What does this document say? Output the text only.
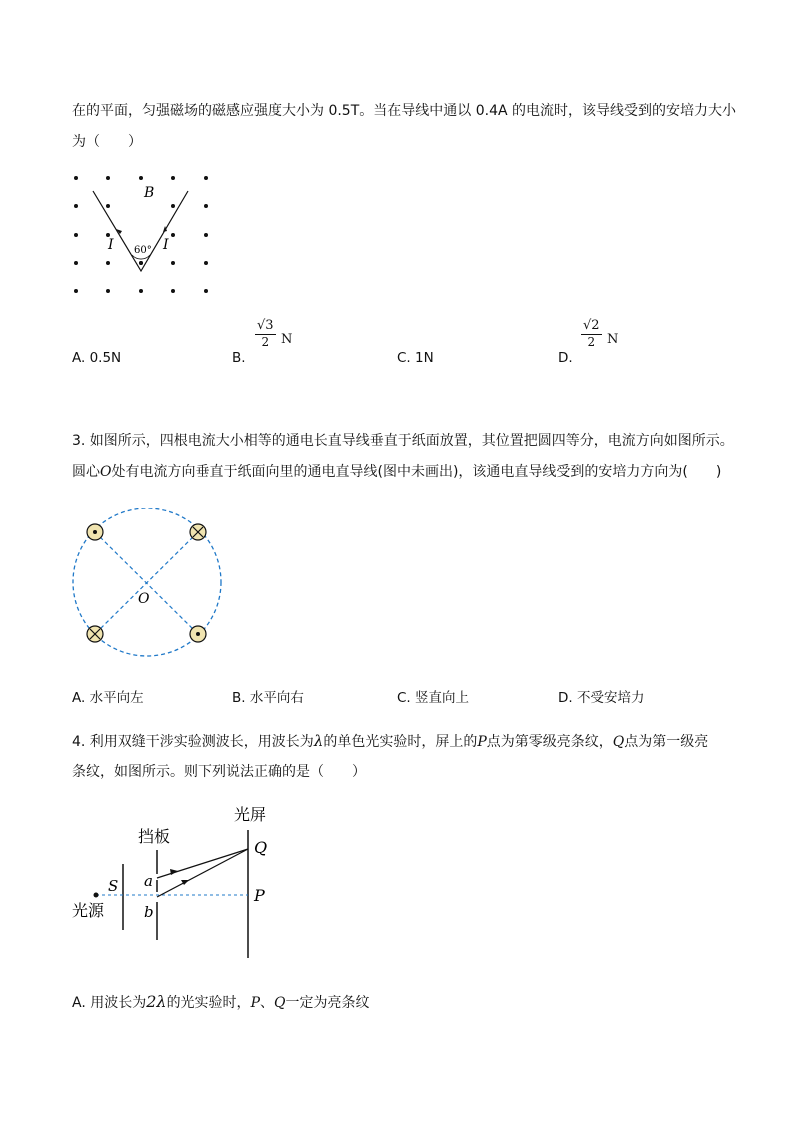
在的平面，匀强磁场的磁感应强度大小为 0.5T。当在导线中通以 0.4A 的电流时，该导线受到的安培力大小
为（　　）
B
I	I
60°
A. 0.5N	B.
$\frac{√3}{2}$ N
C. 1N	D.
$\frac{√2}{2}$ N
3. 如图所示，四根电流大小相等的通电长直导线垂直于纸面放置，其位置把圆四等分，电流方向如图所示。
圆心O处有电流方向垂直于纸面向里的通电直导线(图中未画出)，该通电直导线受到的安培力方向为(　　)
O
A. 水平向左	B. 水平向右	C. 竖直向上	D. 不受安培力
4. 利用双缝干涉实验测波长，用波长为λ的单色光实验时，屏上的P点为第零级亮条纹，Q点为第一级亮
条纹，如图所示。则下列说法正确的是（　　）
光屏
挡板
光源
S a
b
Q
P
A. 用波长为2λ的光实验时，P、Q一定为亮条纹
